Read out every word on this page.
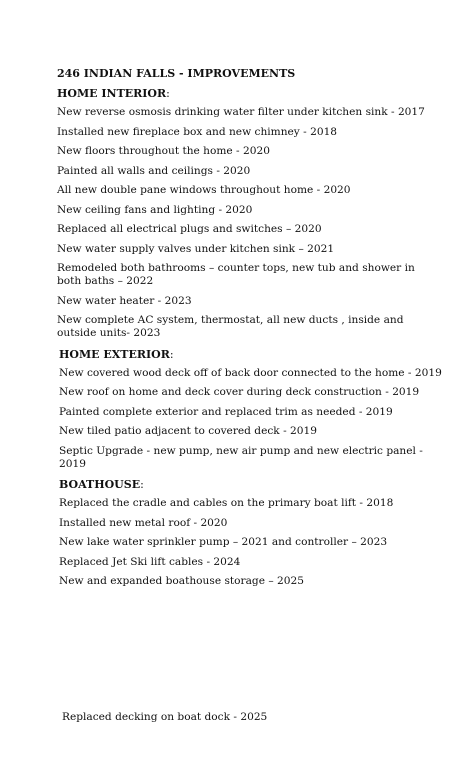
246 INDIAN FALLS - IMPROVEMENTS
HOME INTERIOR:
New reverse osmosis drinking water filter under kitchen sink - 2017
Installed new fireplace box and new chimney - 2018
New floors throughout the home - 2020
Painted all walls and ceilings - 2020
All new double pane windows throughout home - 2020
New ceiling fans and lighting - 2020
Replaced all electrical plugs and switches – 2020
New water supply valves under kitchen sink – 2021
Remodeled both bathrooms – counter tops, new tub and shower in both baths – 2022
New water heater - 2023
New complete AC system, thermostat, all new ducts , inside and outside units- 2023
HOME EXTERIOR:
New covered wood deck off of back door connected to the home - 2019
New roof on home and deck cover during deck construction - 2019
Painted complete exterior and replaced trim as needed - 2019
New tiled patio adjacent to covered deck - 2019
Septic Upgrade - new pump, new air pump and new electric panel - 2019
BOATHOUSE:
Replaced the cradle and cables on the primary boat lift - 2018
Installed new metal roof - 2020
New lake water sprinkler pump – 2021 and controller – 2023
Replaced Jet Ski lift cables - 2024
New and expanded boathouse storage – 2025
Replaced decking on boat dock - 2025
